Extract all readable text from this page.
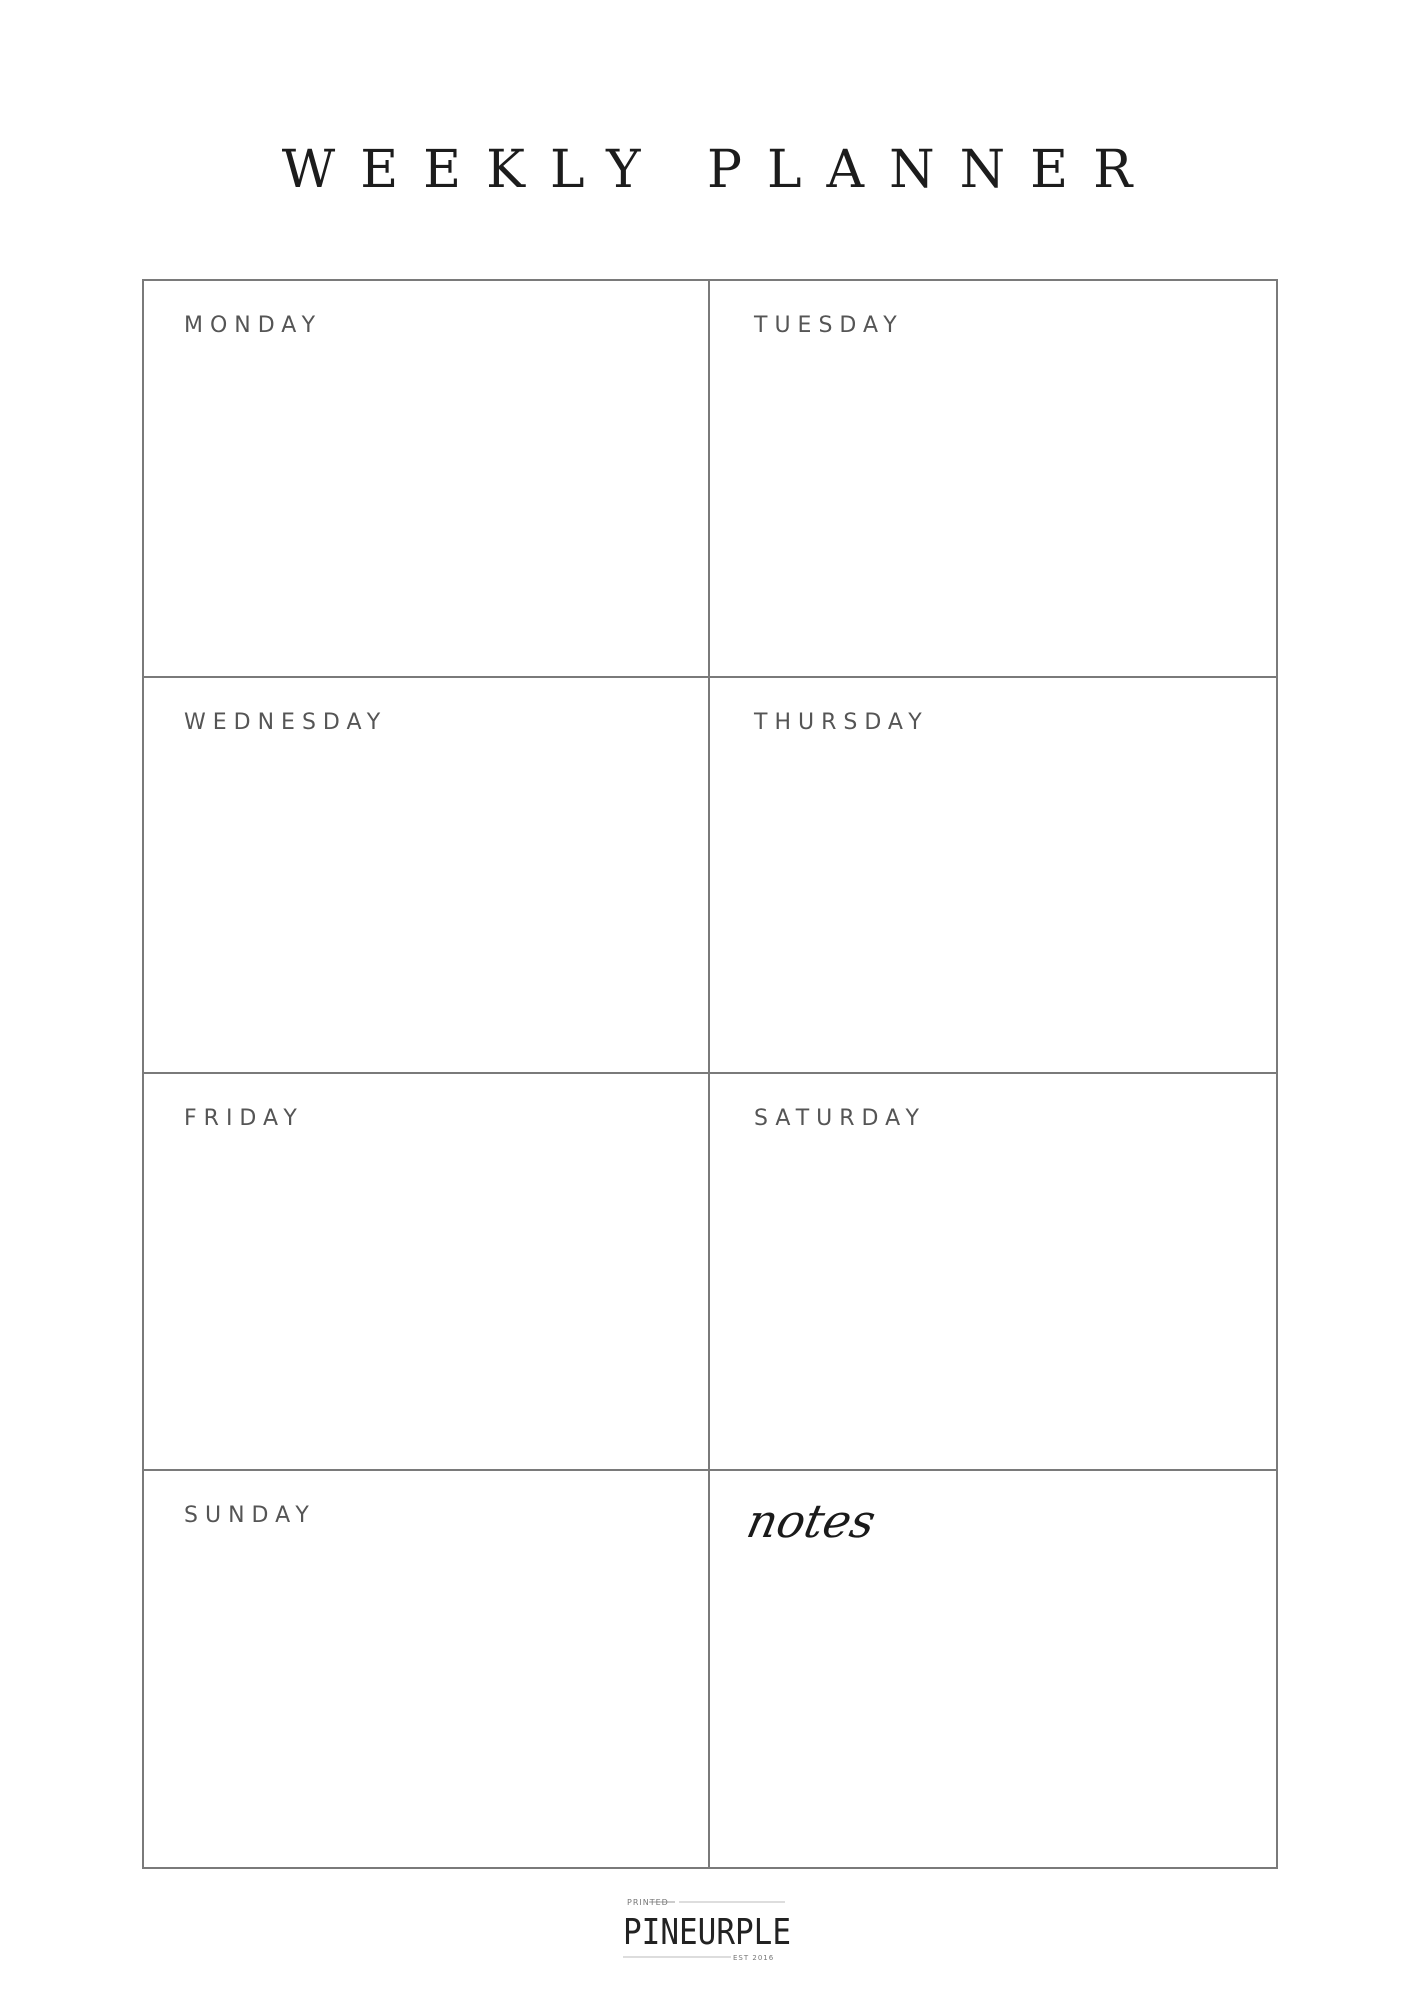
WEEKLY PLANNER
MONDAY	TUESDAY
WEDNESDAY	THURSDAY
FRIDAY	SATURDAY
SUNDAY	notes
PRINTED
PINEURPLE
EST 2016
